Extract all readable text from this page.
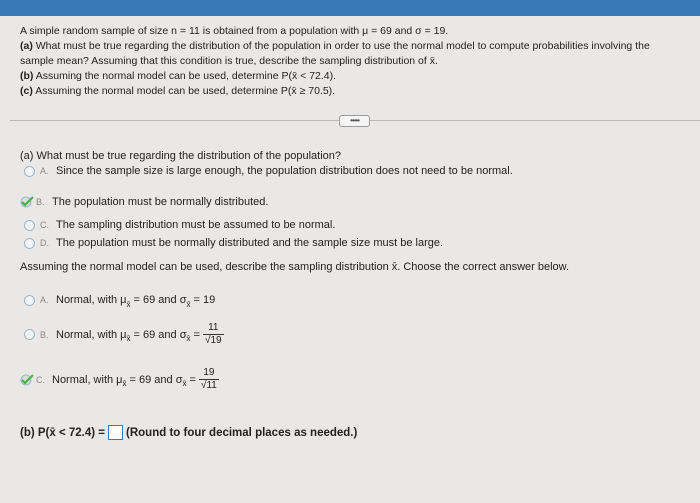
A simple random sample of size n = 11 is obtained from a population with μ = 69 and σ = 19.
(a) What must be true regarding the distribution of the population in order to use the normal model to compute probabilities involving the
sample mean? Assuming that this condition is true, describe the sampling distribution of x̄.
(b) Assuming the normal model can be used, determine P(x̄ < 72.4).
(c) Assuming the normal model can be used, determine P(x̄ ≥ 70.5).
•••••
(a) What must be true regarding the distribution of the population?
A. Since the sample size is large enough, the population distribution does not need to be normal.
B. The population must be normally distributed.
C. The sampling distribution must be assumed to be normal.
D. The population must be normally distributed and the sample size must be large.
Assuming the normal model can be used, describe the sampling distribution x̄. Choose the correct answer below.
A. Normal, with μ x̄ = 69 and σ x̄ = 19
B. Normal, with μ x̄ = 69 and σ x̄ = $\frac{11}{√19}$
C. Normal, with μ x̄ = 69 and σ x̄ = $\frac{19}{√11}$
(b) P(x̄ < 72.4) = (Round to four decimal places as needed.)
